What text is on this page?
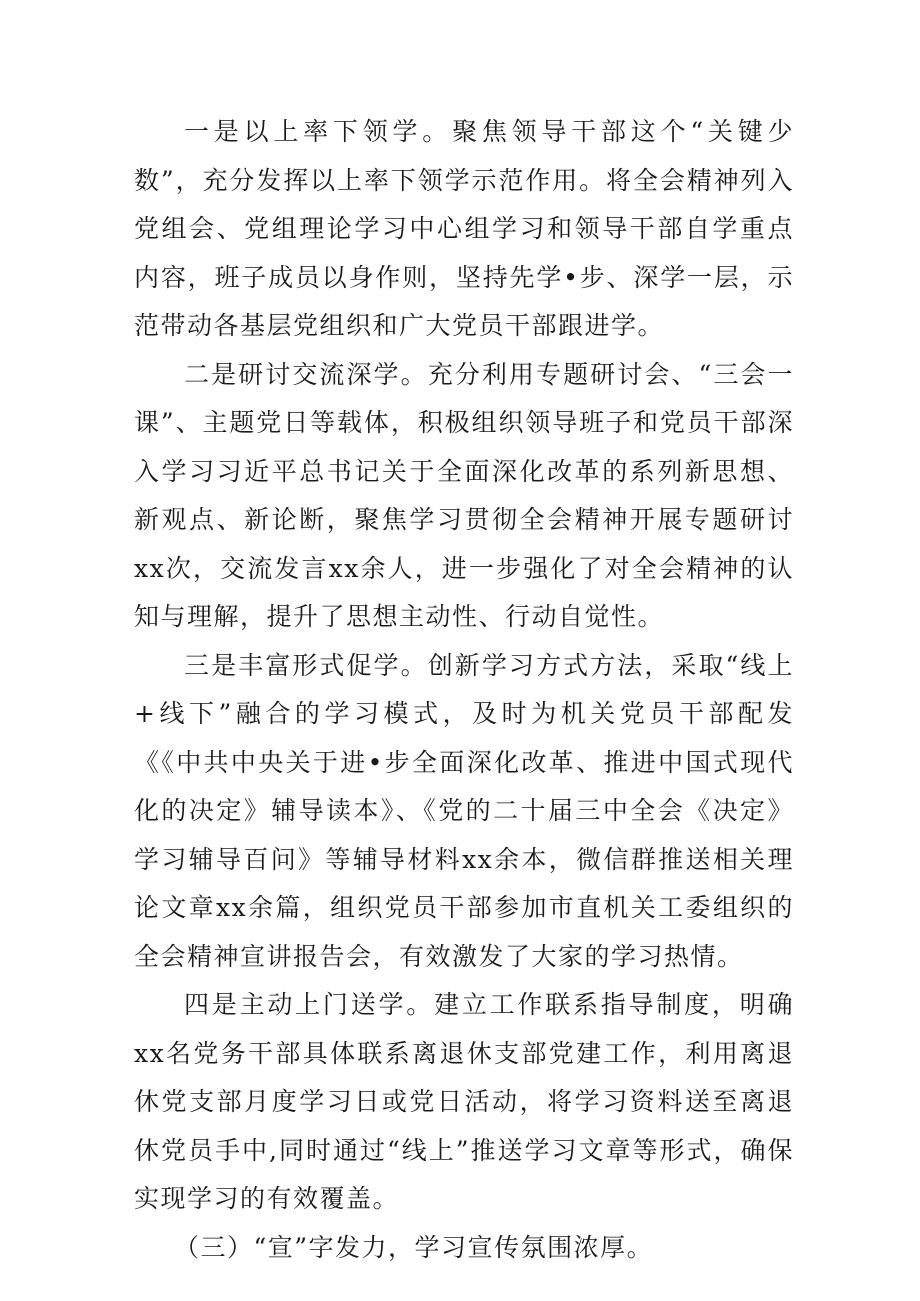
一是以上率下领学。聚焦领导干部这个“关键少数”，充分发挥以上率下领学示范作用。将全会精神列入党组会、党组理论学习中心组学习和领导干部自学重点内容，班子成员以身作则，坚持先学•步、深学一层，示范带动各基层党组织和广大党员干部跟进学。

二是研讨交流深学。充分利用专题研讨会、“三会一课”、主题党日等载体，积极组织领导班子和党员干部深入学习习近平总书记关于全面深化改革的系列新思想、新观点、新论断，聚焦学习贯彻全会精神开展专题研讨xx次，交流发言xx余人，进一步强化了对全会精神的认知与理解，提升了思想主动性、行动自觉性。

三是丰富形式促学。创新学习方式方法，采取“线上+线下”融合的学习模式，及时为机关党员干部配发《《中共中央关于进•步全面深化改革、推进中国式现代化的决定》辅导读本》、《党的二十届三中全会《决定》学习辅导百问》等辅导材料xx余本，微信群推送相关理论文章xx余篇，组织党员干部参加市直机关工委组织的全会精神宣讲报告会，有效激发了大家的学习热情。

四是主动上门送学。建立工作联系指导制度，明确xx名党务干部具体联系离退休支部党建工作，利用离退休党支部月度学习日或党日活动，将学习资料送至离退休党员手中,同时通过“线上”推送学习文章等形式，确保实现学习的有效覆盖。

（三）“宣”字发力，学习宣传氛围浓厚。
